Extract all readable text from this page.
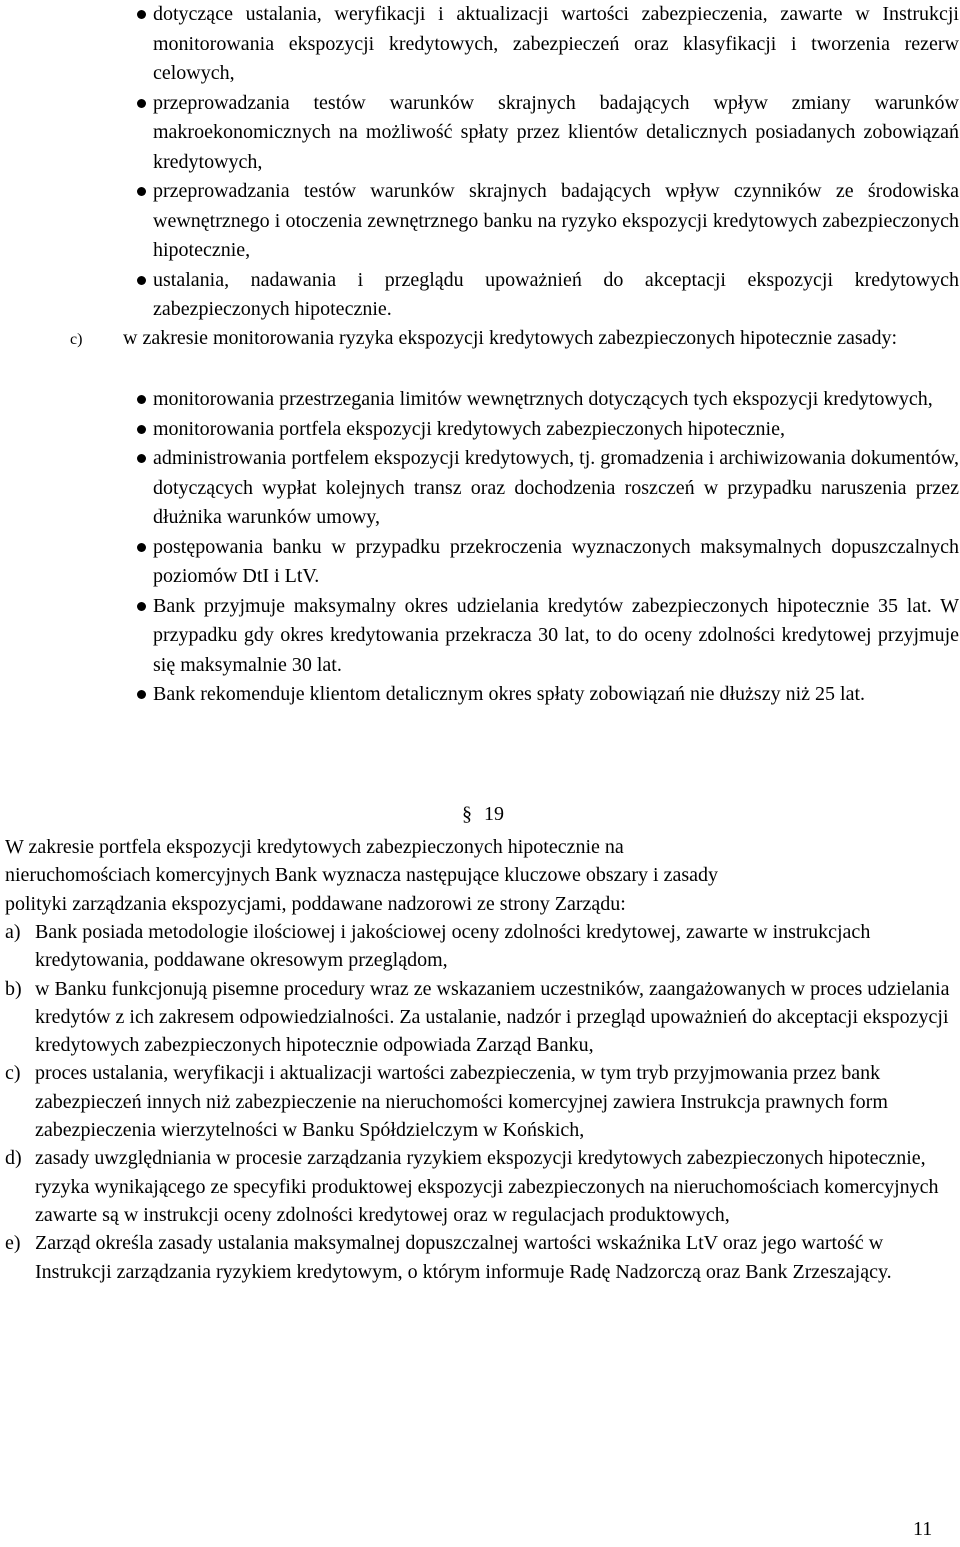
dotyczące ustalania, weryfikacji i aktualizacji wartości zabezpieczenia, zawarte w Instrukcji monitorowania ekspozycji kredytowych, zabezpieczeń oraz klasyfikacji i tworzenia rezerw celowych,
przeprowadzania testów warunków skrajnych badających wpływ zmiany warunków makroekonomicznych na możliwość spłaty przez klientów detalicznych posiadanych zobowiązań kredytowych,
przeprowadzania testów warunków skrajnych badających wpływ czynników ze środowiska wewnętrznego i otoczenia zewnętrznego banku na ryzyko ekspozycji kredytowych zabezpieczonych hipotecznie,
ustalania, nadawania i przeglądu upoważnień do akceptacji ekspozycji kredytowych zabezpieczonych hipotecznie.
c) w zakresie monitorowania ryzyka ekspozycji kredytowych zabezpieczonych hipotecznie zasady:
monitorowania przestrzegania limitów wewnętrznych dotyczących tych ekspozycji kredytowych,
monitorowania portfela ekspozycji kredytowych zabezpieczonych hipotecznie,
administrowania portfelem ekspozycji kredytowych, tj. gromadzenia i archiwizowania dokumentów, dotyczących wypłat kolejnych transz oraz dochodzenia roszczeń w przypadku naruszenia przez dłużnika warunków umowy,
postępowania banku w przypadku przekroczenia wyznaczonych maksymalnych dopuszczalnych poziomów DtI i LtV.
Bank przyjmuje maksymalny okres udzielania kredytów zabezpieczonych hipotecznie 35 lat. W przypadku gdy okres kredytowania przekracza 30 lat, to do oceny zdolności kredytowej przyjmuje się maksymalnie 30 lat.
Bank rekomenduje klientom detalicznym okres spłaty zobowiązań nie dłuższy niż 25 lat.
§ 19

W zakresie portfela ekspozycji kredytowych zabezpieczonych hipotecznie na

nieruchomościach komercyjnych Bank wyznacza następujące kluczowe obszary i zasady

polityki zarządzania ekspozycjami, poddawane nadzorowi ze strony Zarządu:

a) Bank posiada metodologie ilościowej i jakościowej oceny zdolności kredytowej, zawarte w instrukcjach kredytowania, poddawane okresowym przeglądom,
b) w Banku funkcjonują pisemne procedury wraz ze wskazaniem uczestników, zaangażowanych w proces udzielania kredytów z ich zakresem odpowiedzialności. Za ustalanie, nadzór i przegląd upoważnień do akceptacji ekspozycji kredytowych zabezpieczonych hipotecznie odpowiada Zarząd Banku,
c) proces ustalania, weryfikacji i aktualizacji wartości zabezpieczenia, w tym tryb przyjmowania przez bank zabezpieczeń innych niż zabezpieczenie na nieruchomości komercyjnej zawiera Instrukcja prawnych form zabezpieczenia wierzytelności w Banku Spółdzielczym w Końskich,
d) zasady uwzględniania w procesie zarządzania ryzykiem ekspozycji kredytowych zabezpieczonych hipotecznie, ryzyka wynikającego ze specyfiki produktowej ekspozycji zabezpieczonych na nieruchomościach komercyjnych zawarte są w instrukcji oceny zdolności kredytowej oraz w regulacjach produktowych,
e) Zarząd określa zasady ustalania maksymalnej dopuszczalnej wartości wskaźnika LtV oraz jego wartość w Instrukcji zarządzania ryzykiem kredytowym, o którym informuje Radę Nadzorczą oraz Bank Zrzeszający.
11
